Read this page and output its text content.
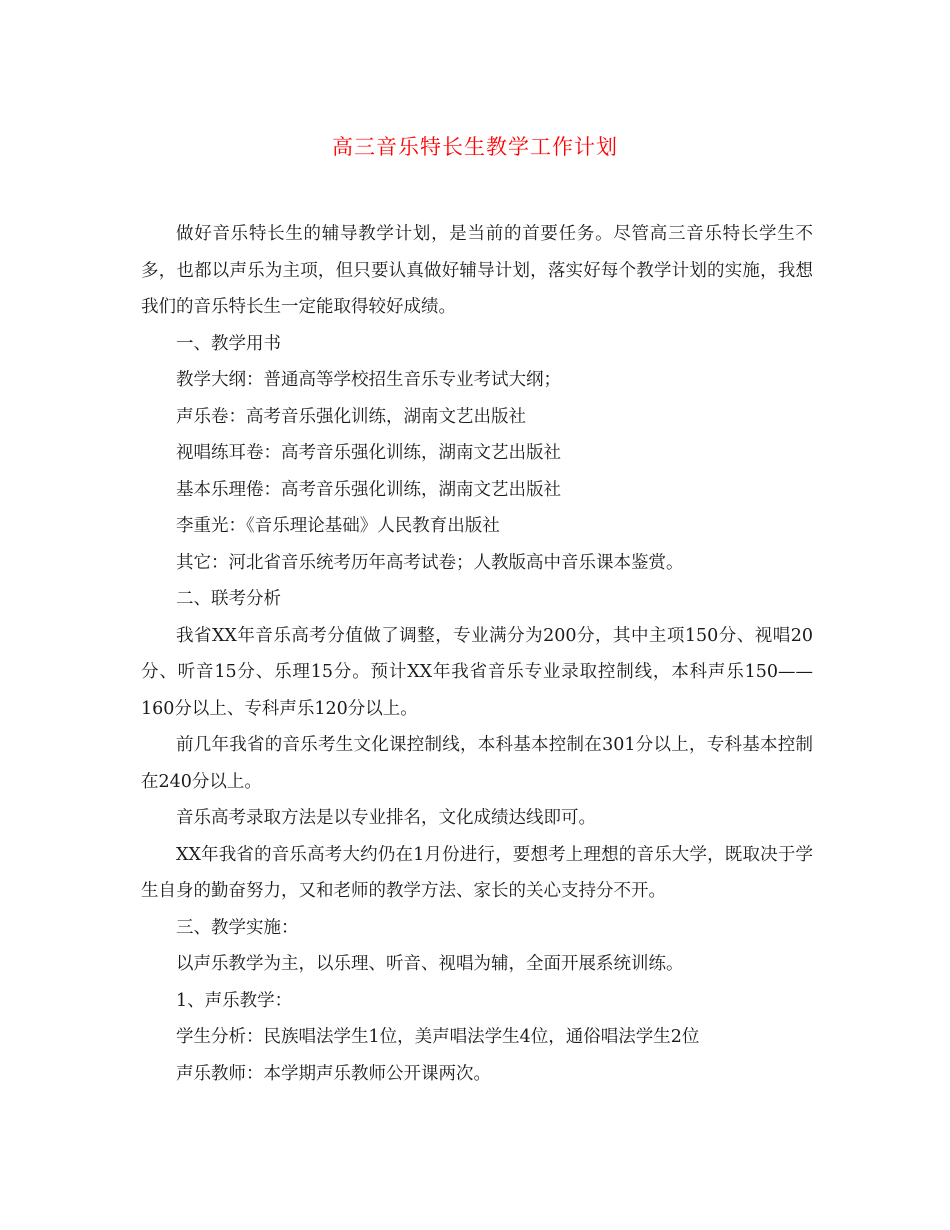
高三音乐特长生教学工作计划

做好音乐特长生的辅导教学计划，是当前的首要任务。尽管高三音乐特长学生不多，也都以声乐为主项，但只要认真做好辅导计划，落实好每个教学计划的实施，我想我们的音乐特长生一定能取得较好成绩。

一、教学用书

教学大纲：普通高等学校招生音乐专业考试大纲；

声乐卷：高考音乐强化训练，湖南文艺出版社

视唱练耳卷：高考音乐强化训练，湖南文艺出版社

基本乐理倦：高考音乐强化训练，湖南文艺出版社

李重光：《音乐理论基础》人民教育出版社

其它：河北省音乐统考历年高考试卷；人教版高中音乐课本鉴赏。

二、联考分析

我省XX年音乐高考分值做了调整，专业满分为200分，其中主项150分、视唱20分、听音15分、乐理15分。预计XX年我省音乐专业录取控制线，本科声乐150——160分以上、专科声乐120分以上。

前几年我省的音乐考生文化课控制线，本科基本控制在301分以上，专科基本控制在240分以上。

音乐高考录取方法是以专业排名，文化成绩达线即可。

XX年我省的音乐高考大约仍在1月份进行，要想考上理想的音乐大学，既取决于学生自身的勤奋努力，又和老师的教学方法、家长的关心支持分不开。

三、教学实施：

以声乐教学为主，以乐理、听音、视唱为辅，全面开展系统训练。

1、声乐教学：

学生分析：民族唱法学生1位，美声唱法学生4位，通俗唱法学生2位

声乐教师：本学期声乐教师公开课两次。
